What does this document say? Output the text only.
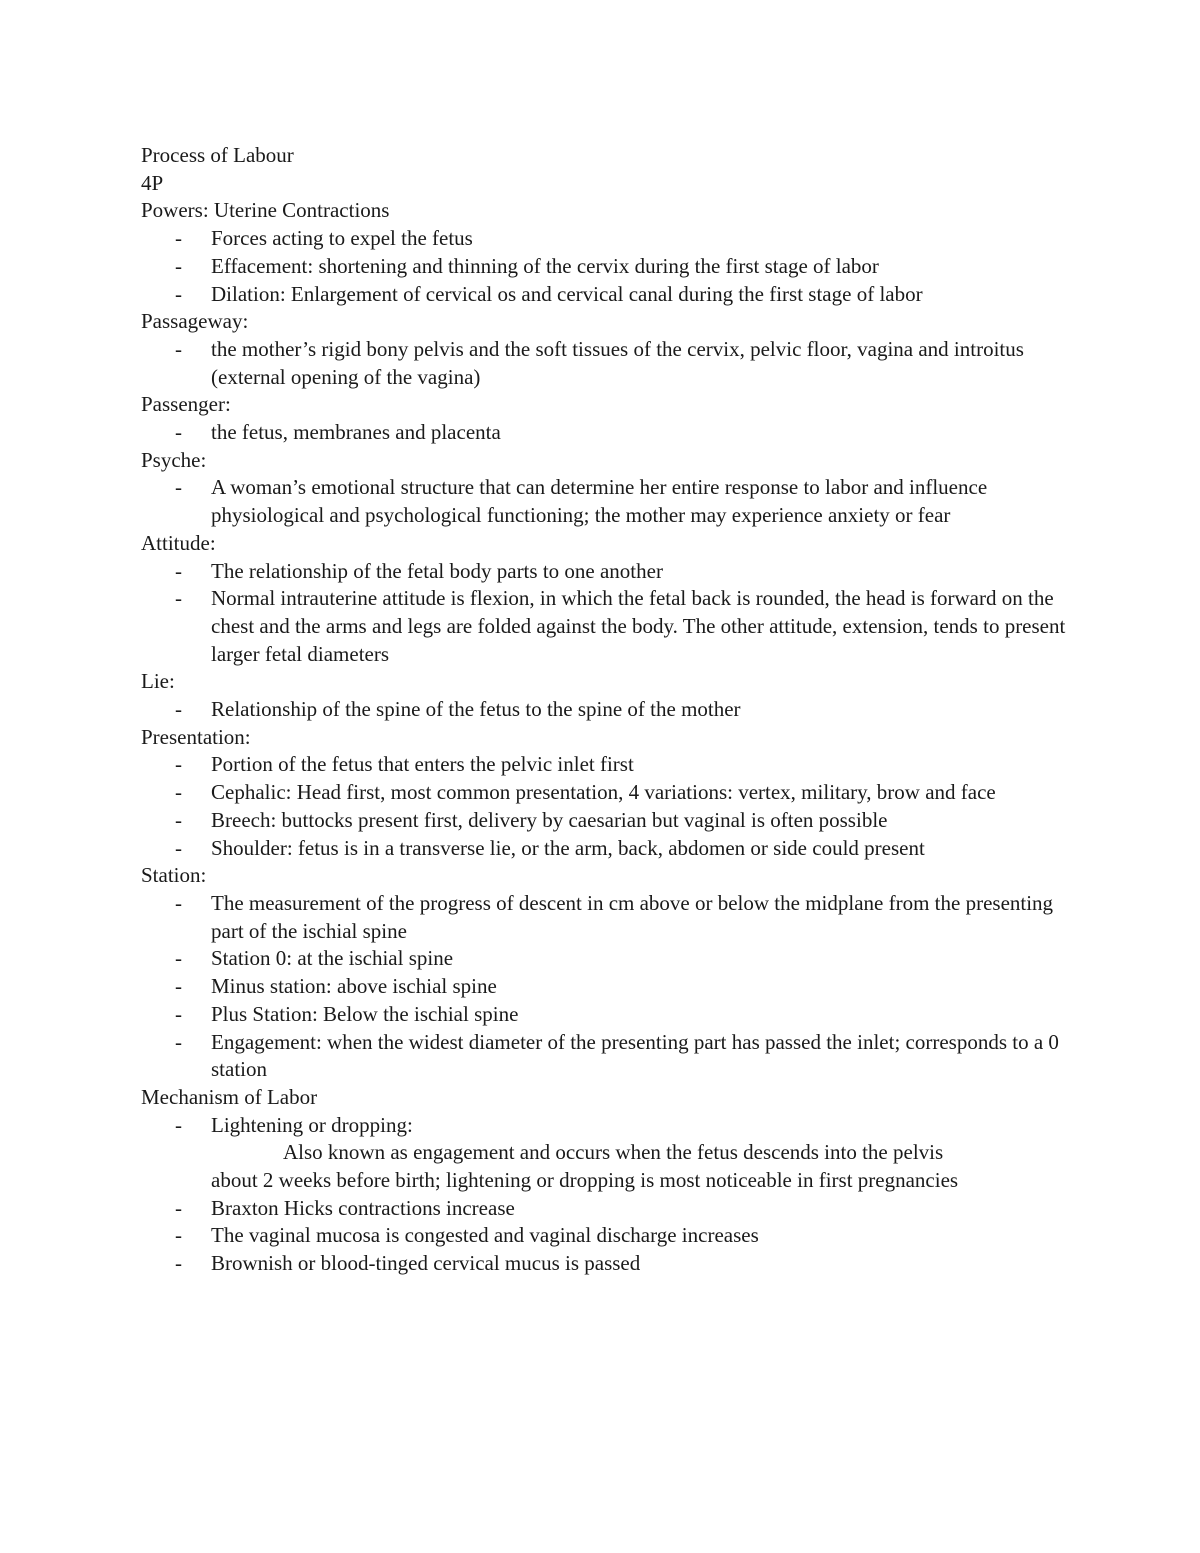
Process of Labour
4P
Powers: Uterine Contractions
- Forces acting to expel the fetus
- Effacement: shortening and thinning of the cervix during the first stage of labor
- Dilation: Enlargement of cervical os and cervical canal during the first stage of labor
Passageway:
- the mother’s rigid bony pelvis and the soft tissues of the cervix, pelvic floor, vagina and introitus (external opening of the vagina)
Passenger:
- the fetus, membranes and placenta
Psyche:
- A woman’s emotional structure that can determine her entire response to labor and influence physiological and psychological functioning; the mother may experience anxiety or fear
Attitude:
- The relationship of the fetal body parts to one another
- Normal intrauterine attitude is flexion, in which the fetal back is rounded, the head is forward on the chest and the arms and legs are folded against the body. The other attitude, extension, tends to present larger fetal diameters
Lie:
- Relationship of the spine of the fetus to the spine of the mother
Presentation:
- Portion of the fetus that enters the pelvic inlet first
- Cephalic: Head first, most common presentation, 4 variations: vertex, military, brow and face
- Breech: buttocks present first, delivery by caesarian but vaginal is often possible
- Shoulder: fetus is in a transverse lie, or the arm, back, abdomen or side could present
Station:
- The measurement of the progress of descent in cm above or below the midplane from the presenting part of the ischial spine
- Station 0: at the ischial spine
- Minus station: above ischial spine
- Plus Station: Below the ischial spine
- Engagement: when the widest diameter of the presenting part has passed the inlet; corresponds to a 0 station
Mechanism of Labor
- Lightening or dropping:
Also known as engagement and occurs when the fetus descends into the pelvis
about 2 weeks before birth; lightening or dropping is most noticeable in first pregnancies
- Braxton Hicks contractions increase
- The vaginal mucosa is congested and vaginal discharge increases
- Brownish or blood-tinged cervical mucus is passed
